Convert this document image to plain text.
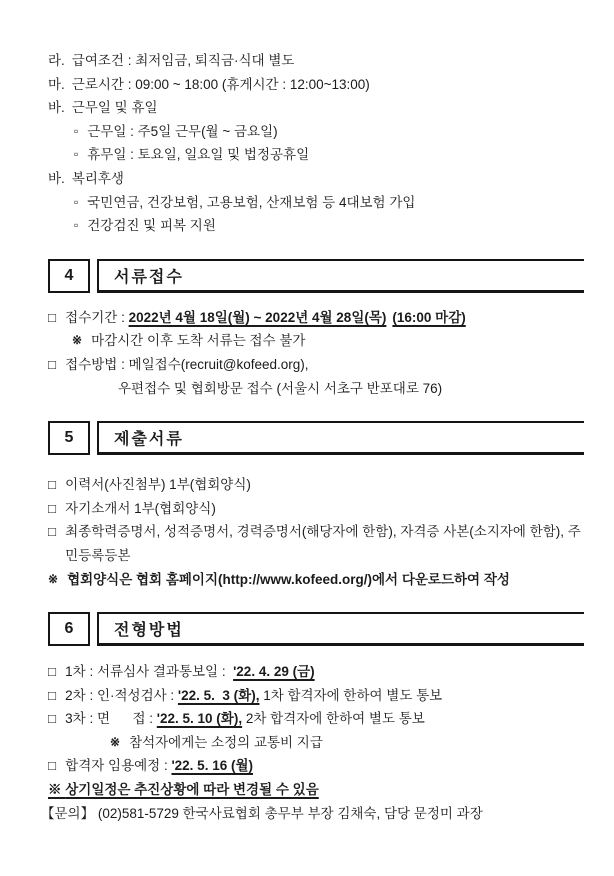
라. 급여조건 : 최저임금, 퇴직금·식대 별도
마. 근로시간 : 09:00 ~ 18:00 (휴게시간 : 12:00~13:00)
바. 근무일 및 휴일
▫ 근무일 : 주5일 근무(월 ~ 금요일)
▫ 휴무일 : 토요일, 일요일 및 법정공휴일
바. 복리후생
▫ 국민연금, 건강보험, 고용보험, 산재보험 등 4대보험 가입
▫ 건강검진 및 피복 지원
4	서류접수
□ 접수기간 : 2022년 4월 18일(월) ~ 2022년 4월 28일(목) (16:00 마감)
※ 마감시간 이후 도착 서류는 접수 불가
□ 접수방법 : 메일접수(recruit@kofeed.org),
우편접수 및 협회방문 접수 (서울시 서초구 반포대로 76)
5	제출서류
□ 이력서(사진첨부) 1부(협회양식)
□ 자기소개서 1부(협회양식)
□ 최종학력증명서, 성적증명서, 경력증명서(해당자에 한함), 자격증 사본(소지자에 한함), 주민등록등본
※ 협회양식은 협회 홈페이지(http://www.kofeed.org/)에서 다운로드하여 작성
6	전형방법
□ 1차 : 서류심사 결과통보일 :  '22. 4. 29 (금)
□ 2차 : 인·적성검사 : '22. 5.  3 (화), 1차 합격자에 한하여 별도 통보
□ 3차 : 면      접 : '22. 5. 10 (화), 2차 합격자에 한하여 별도 통보
※ 참석자에게는 소정의 교통비 지급
□ 합격자 임용예정 : '22. 5. 16 (월)
※ 상기일정은 추진상황에 따라 변경될 수 있음
【문의】 (02)581-5729 한국사료협회 총무부 부장 김채숙, 담당 문정미 과장
